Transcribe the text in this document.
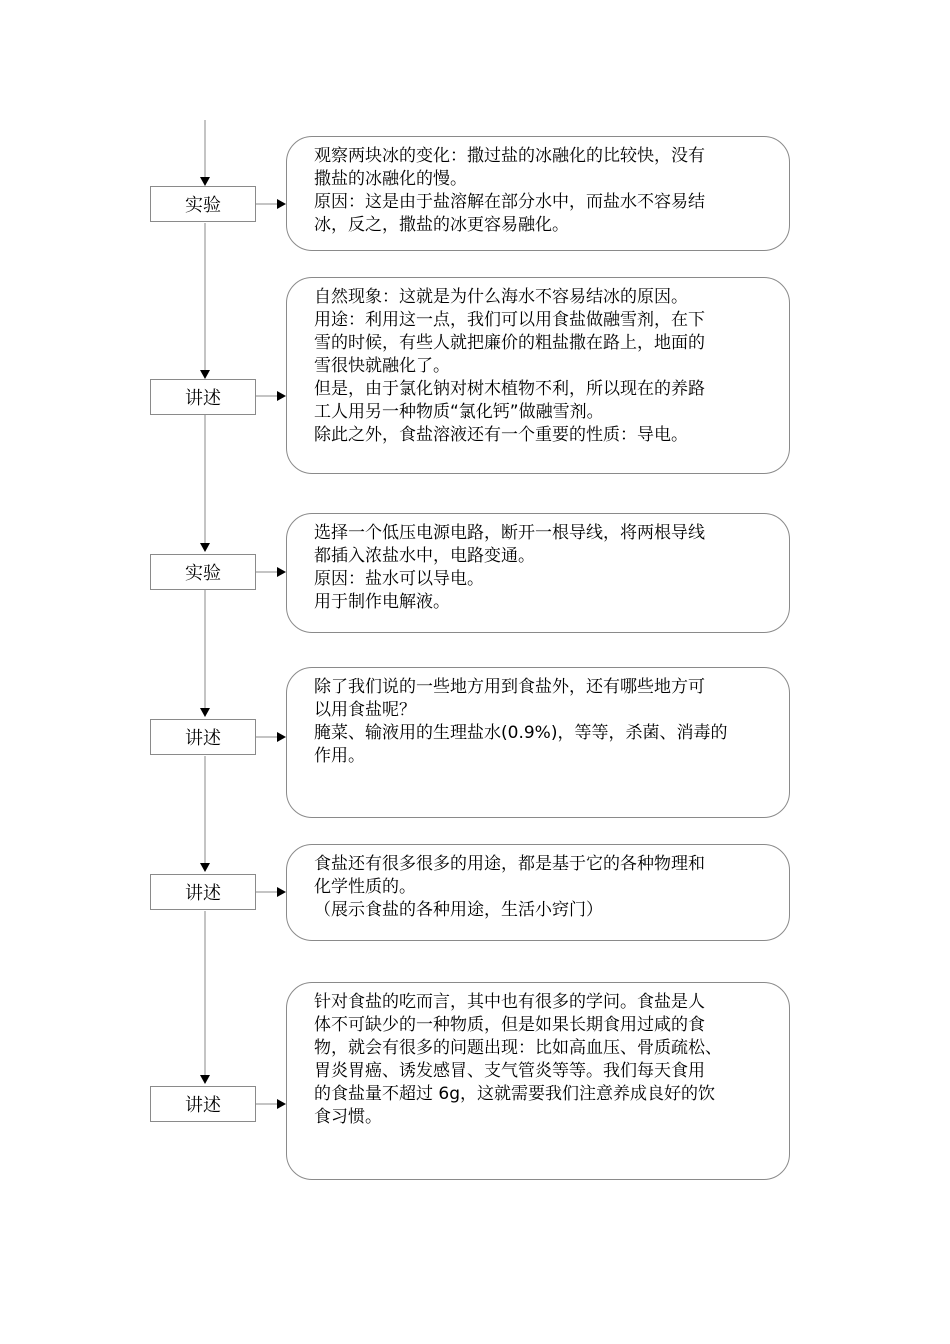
实验

观察两块冰的变化：撒过盐的冰融化的比较快，没有
撒盐的冰融化的慢。

原因：这是由于盐溶解在部分水中，而盐水不容易结
冰，反之，撒盐的冰更容易融化。

讲述

自然现象：这就是为什么海水不容易结冰的原因。

用途：利用这一点，我们可以用食盐做融雪剂，在下
雪的时候，有些人就把廉价的粗盐撒在路上，地面的
雪很快就融化了。

但是，由于氯化钠对树木植物不利，所以现在的养路
工人用另一种物质“氯化钙”做融雪剂。

除此之外，食盐溶液还有一个重要的性质：导电。

实验

选择一个低压电源电路，断开一根导线，将两根导线
都插入浓盐水中，电路变通。

原因：盐水可以导电。

用于制作电解液。

讲述

除了我们说的一些地方用到食盐外，还有哪些地方可
以用食盐呢？

腌菜、输液用的生理盐水(0.9%)，等等，杀菌、消毒的
作用。

讲述

食盐还有很多很多的用途，都是基于它的各种物理和
化学性质的。

（展示食盐的各种用途，生活小窍门）

讲述

针对食盐的吃而言，其中也有很多的学问。食盐是人
体不可缺少的一种物质，但是如果长期食用过咸的食
物，就会有很多的问题出现：比如高血压、骨质疏松、
胃炎胃癌、诱发感冒、支气管炎等等。我们每天食用
的食盐量不超过 6g，这就需要我们注意养成良好的饮
食习惯。
